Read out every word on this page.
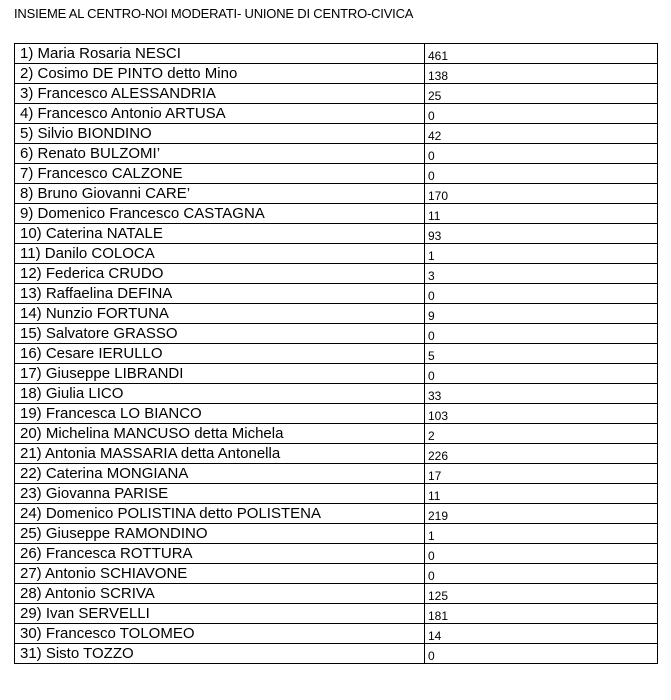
INSIEME AL CENTRO-NOI MODERATI- UNIONE DI CENTRO-CIVICA
1) Maria Rosaria NESCI	461
2) Cosimo DE PINTO detto Mino	138
3) Francesco ALESSANDRIA	25
4) Francesco Antonio ARTUSA	0
5) Silvio BIONDINO	42
6) Renato BULZOMI’	0
7) Francesco CALZONE	0
8) Bruno Giovanni CARE’	170
9) Domenico Francesco CASTAGNA	11
10) Caterina NATALE	93
11) Danilo COLOCA	1
12) Federica CRUDO	3
13) Raffaelina DEFINA	0
14) Nunzio FORTUNA	9
15) Salvatore GRASSO	0
16) Cesare IERULLO	5
17) Giuseppe LIBRANDI	0
18) Giulia LICO	33
19) Francesca LO BIANCO	103
20) Michelina MANCUSO detta Michela	2
21) Antonia MASSARIA detta Antonella	226
22) Caterina MONGIANA	17
23) Giovanna PARISE	11
24) Domenico POLISTINA detto POLISTENA	219
25) Giuseppe RAMONDINO	1
26) Francesca ROTTURA	0
27) Antonio SCHIAVONE	0
28) Antonio SCRIVA	125
29) Ivan SERVELLI	181
30) Francesco TOLOMEO	14
31) Sisto TOZZO	0
